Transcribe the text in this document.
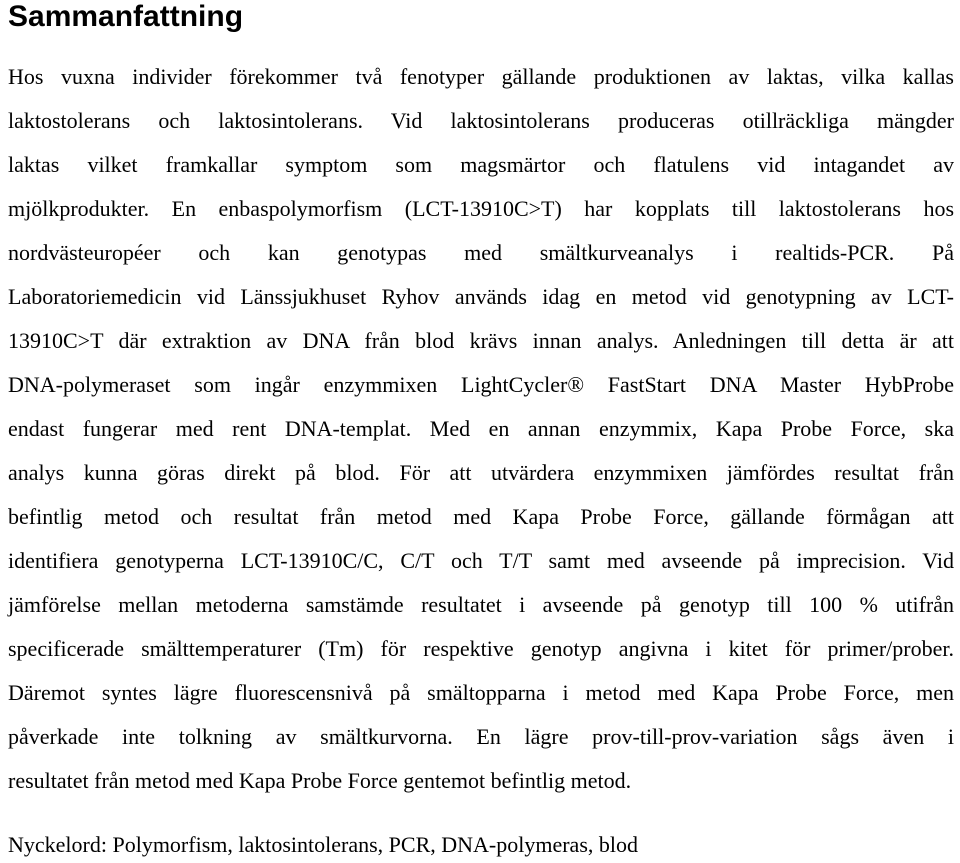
Sammanfattning
Hos vuxna individer förekommer två fenotyper gällande produktionen av laktas, vilka kallas
laktostolerans och laktosintolerans. Vid laktosintolerans produceras otillräckliga mängder
laktas vilket framkallar symptom som magsmärtor och flatulens vid intagandet av
mjölkprodukter. En enbaspolymorfism (LCT-13910C>T) har kopplats till laktostolerans hos
nordvästeuropéer och kan genotypas med smältkurveanalys i realtids-PCR. På
Laboratoriemedicin vid Länssjukhuset Ryhov används idag en metod vid genotypning av LCT-
13910C>T där extraktion av DNA från blod krävs innan analys. Anledningen till detta är att
DNA-polymeraset som ingår enzymmixen LightCycler® FastStart DNA Master HybProbe
endast fungerar med rent DNA-templat. Med en annan enzymmix, Kapa Probe Force, ska
analys kunna göras direkt på blod. För att utvärdera enzymmixen jämfördes resultat från
befintlig metod och resultat från metod med Kapa Probe Force, gällande förmågan att
identifiera genotyperna LCT-13910C/C, C/T och T/T samt med avseende på imprecision. Vid
jämförelse mellan metoderna samstämde resultatet i avseende på genotyp till 100 % utifrån
specificerade smälttemperaturer (Tm) för respektive genotyp angivna i kitet för primer/prober.
Däremot syntes lägre fluorescensnivå på smältopparna i metod med Kapa Probe Force, men
påverkade inte tolkning av smältkurvorna. En lägre prov-till-prov-variation sågs även i
resultatet från metod med Kapa Probe Force gentemot befintlig metod.
Nyckelord: Polymorfism, laktosintolerans, PCR, DNA-polymeras, blod
